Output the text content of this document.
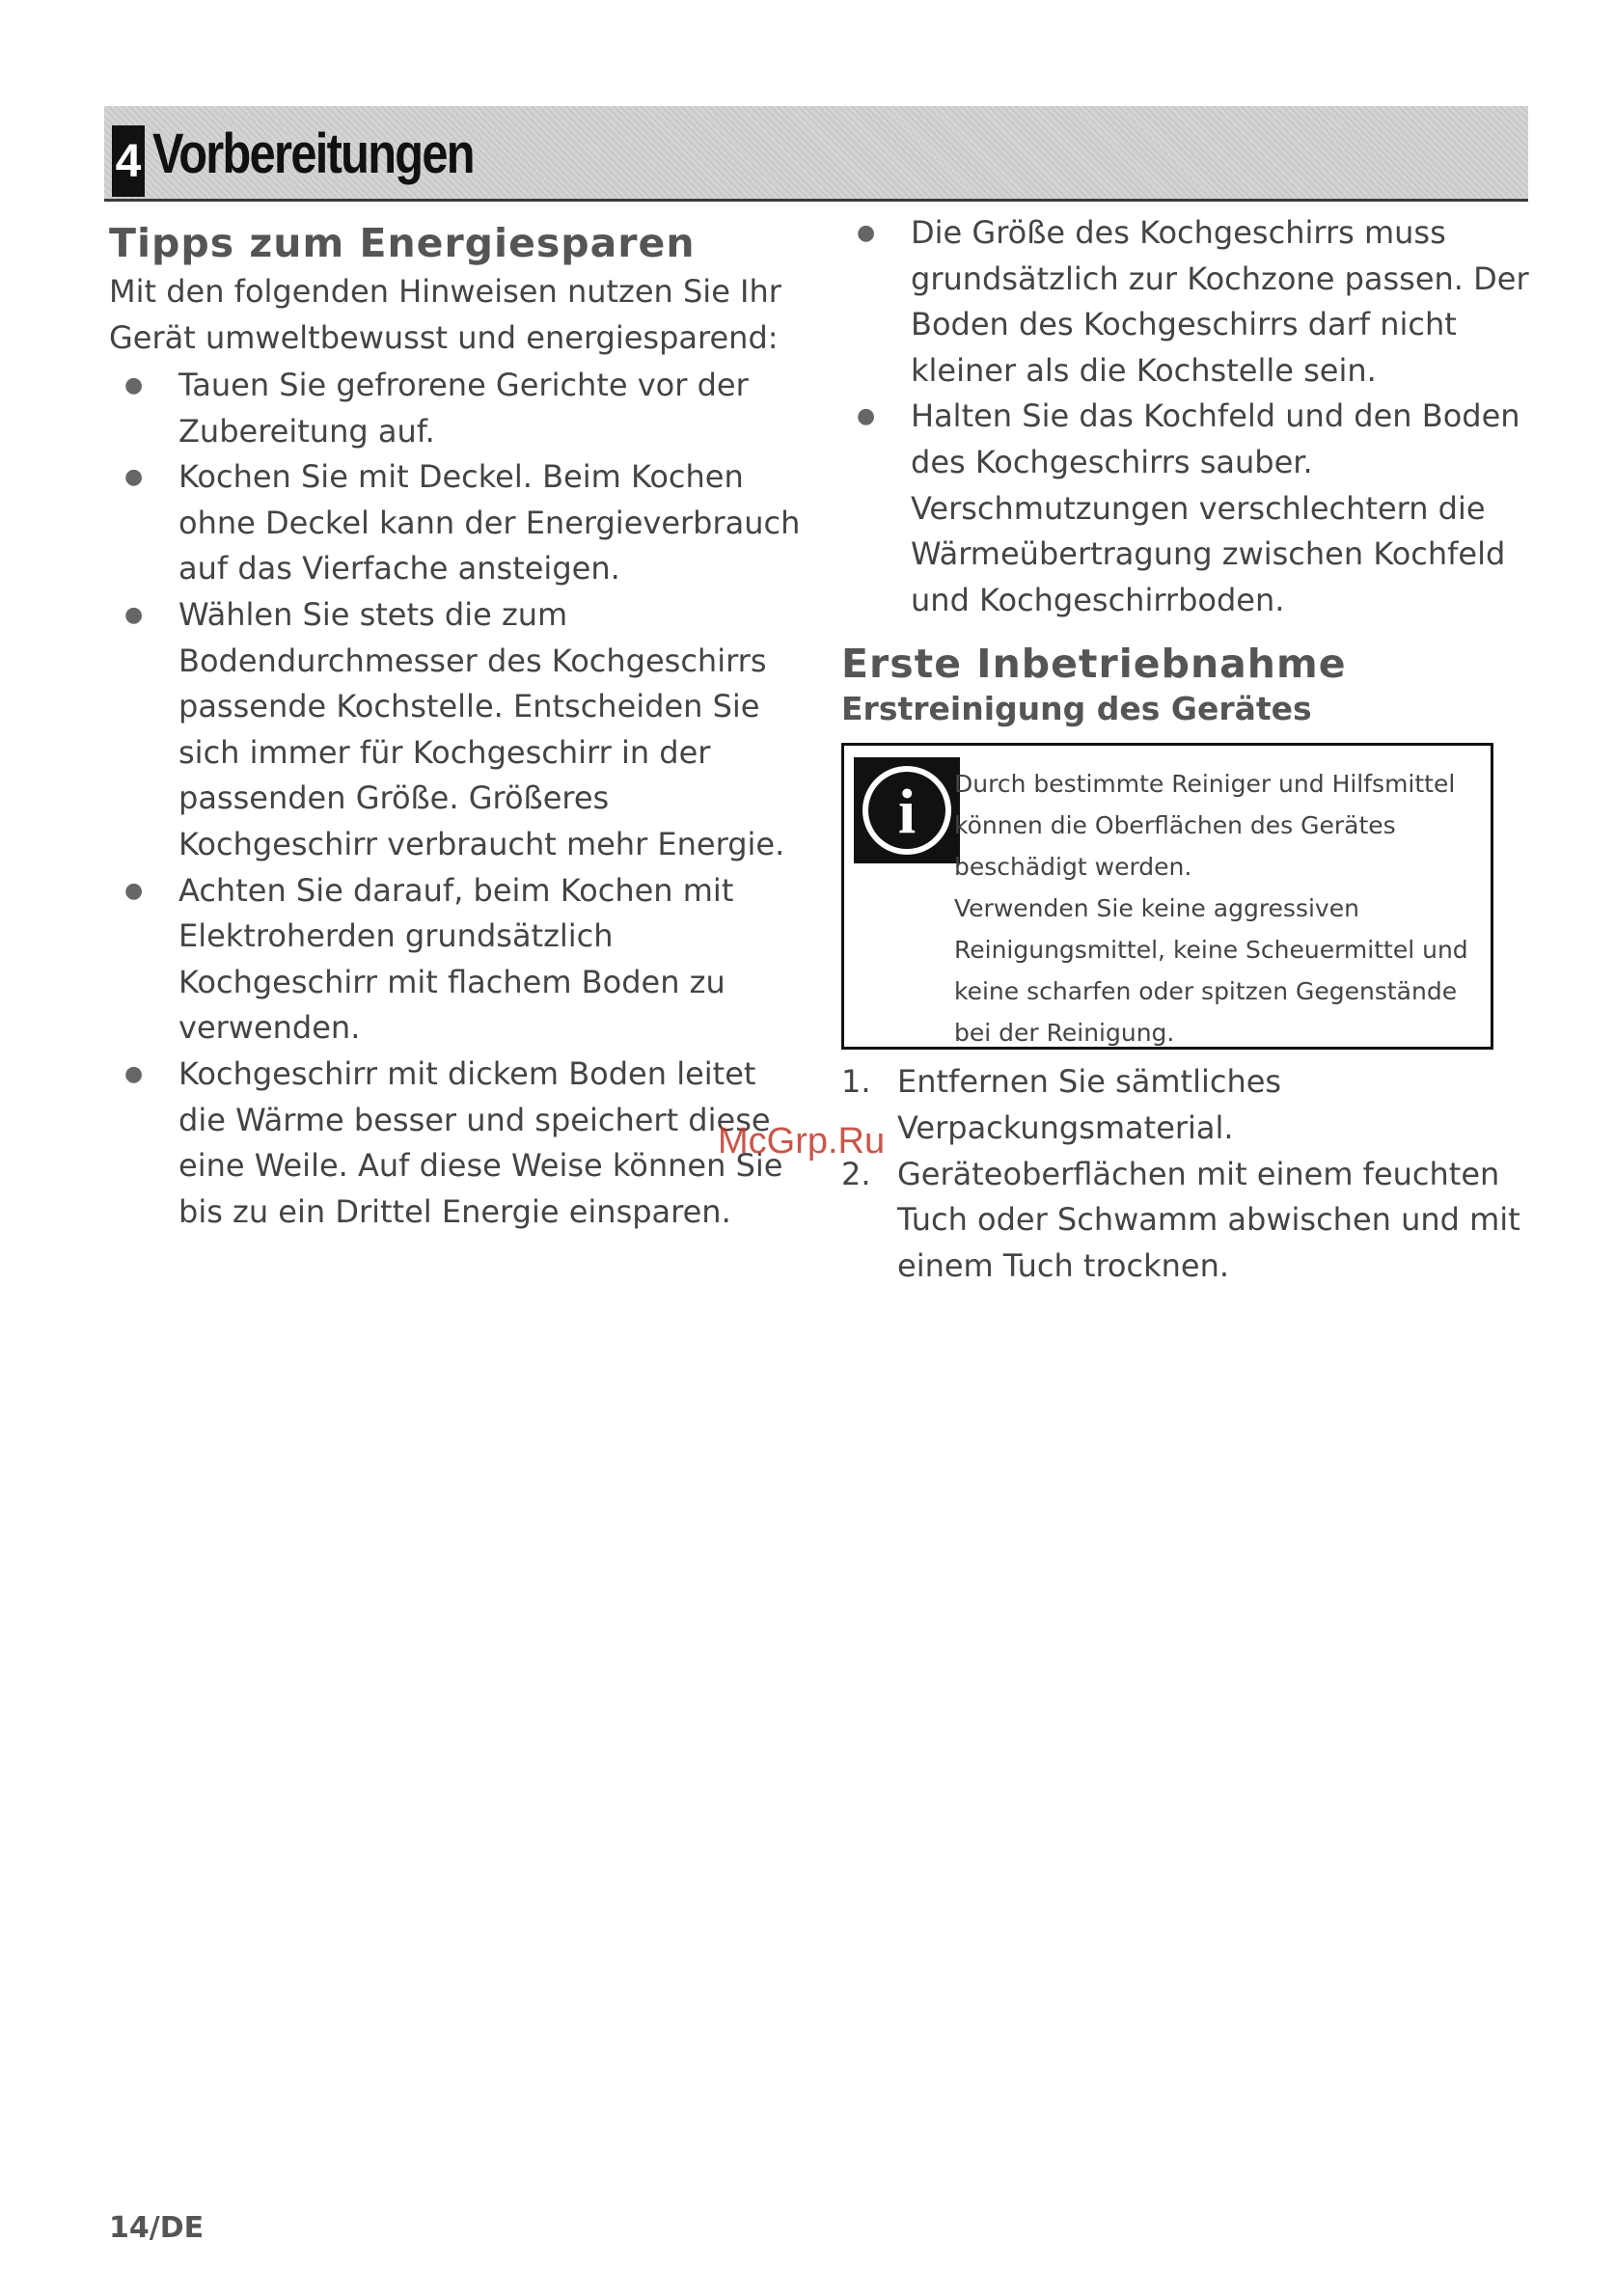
4 Vorbereitungen
Tipps zum Energiesparen

Mit den folgenden Hinweisen nutzen Sie Ihr Gerät umweltbewusst und energiesparend:

● Tauen Sie gefrorene Gerichte vor der Zubereitung auf.
● Kochen Sie mit Deckel. Beim Kochen ohne Deckel kann der Energieverbrauch auf das Vierfache ansteigen.
● Wählen Sie stets die zum Bodendurchmesser des Kochgeschirrs passende Kochstelle. Entscheiden Sie sich immer für Kochgeschirr in der passenden Größe. Größeres Kochgeschirr verbraucht mehr Energie.
● Achten Sie darauf, beim Kochen mit Elektroherden grundsätzlich Kochgeschirr mit flachem Boden zu verwenden.
● Kochgeschirr mit dickem Boden leitet die Wärme besser und speichert diese eine Weile. Auf diese Weise können Sie bis zu ein Drittel Energie einsparen.
● Die Größe des Kochgeschirrs muss grundsätzlich zur Kochzone passen. Der Boden des Kochgeschirrs darf nicht kleiner als die Kochstelle sein.
● Halten Sie das Kochfeld und den Boden des Kochgeschirrs sauber. Verschmutzungen verschlechtern die Wärmeübertragung zwischen Kochfeld und Kochgeschirrboden.
Erste Inbetriebnahme
Erstreinigung des Gerätes
i Durch bestimmte Reiniger und Hilfsmittel können die Oberflächen des Gerätes beschädigt werden.

Verwenden Sie keine aggressiven Reinigungsmittel, keine Scheuermittel und keine scharfen oder spitzen Gegenstände bei der Reinigung.

1. Entfernen Sie sämtliches Verpackungsmaterial.
2. Geräteoberflächen mit einem feuchten Tuch oder Schwamm abwischen und mit einem Tuch trocknen.
McGrp.Ru
14/DE
